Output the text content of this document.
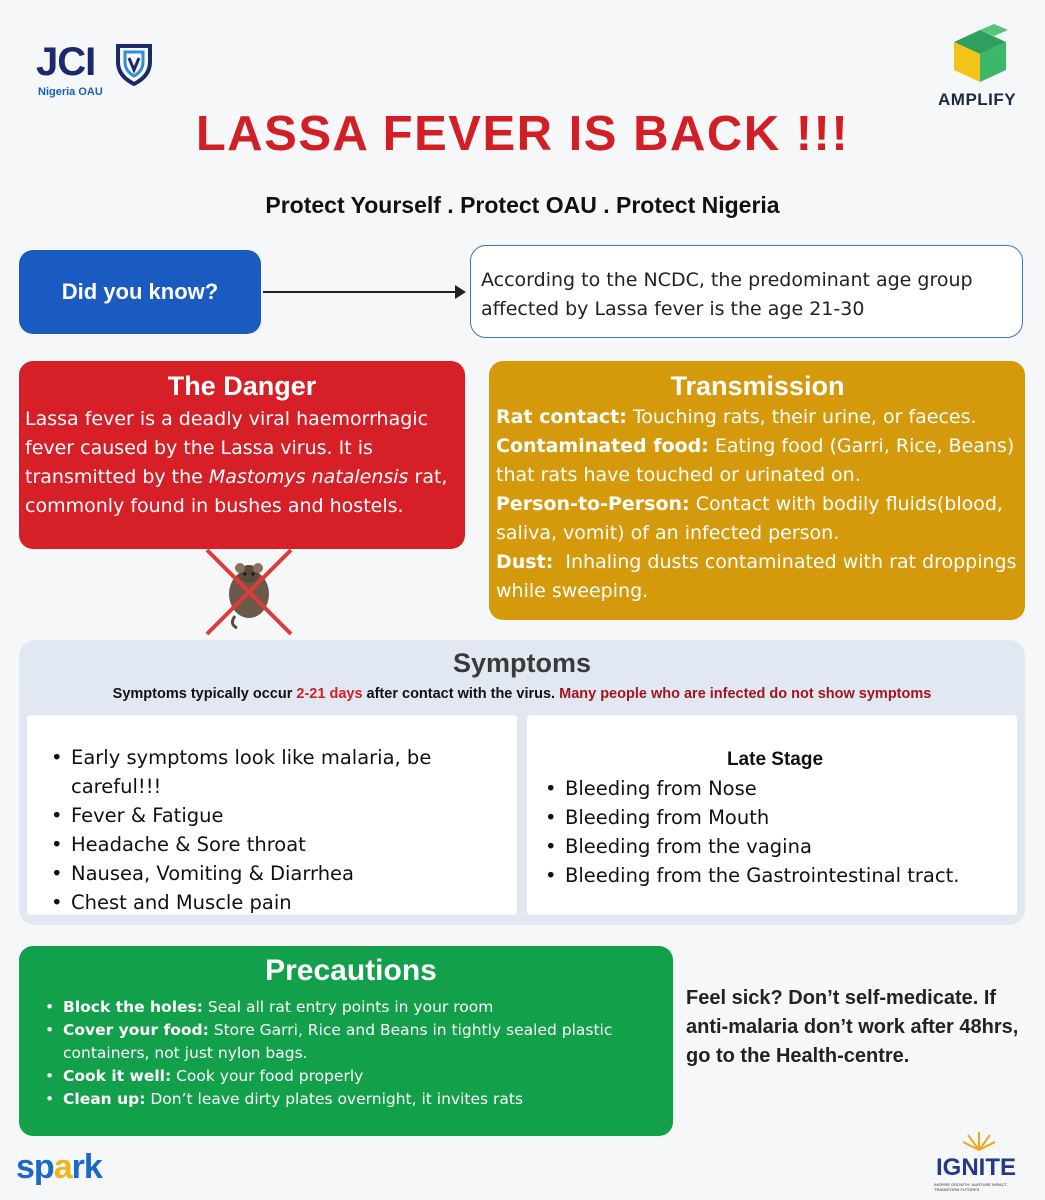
JCI
Nigeria OAU	AMPLIFY
LASSA FEVER IS BACK !!!
Protect Yourself . Protect OAU . Protect Nigeria
Did you know?	According to the NCDC, the predominant age group affected by Lassa fever is the age 21-30
The Danger

Lassa fever is a deadly viral haemorrhagic fever caused by the Lassa virus. It is transmitted by the Mastomys natalensis rat, commonly found in bushes and hostels.

Transmission
Rat contact: Touching rats, their urine, or faeces.
Contaminated food: Eating food (Garri, Rice, Beans) that rats have touched or urinated on.
Person-to-Person: Contact with bodily fluids(blood, saliva, vomit) of an infected person.
Dust:  Inhaling dusts contaminated with rat droppings while sweeping.
Symptoms
Symptoms typically occur 2-21 days after contact with the virus. Many people who are infected do not show symptoms
• Early symptoms look like malaria, be careful!!!
• Fever & Fatigue
• Headache & Sore throat
• Nausea, Vomiting & Diarrhea
• Chest and Muscle pain
Late Stage
• Bleeding from Nose
• Bleeding from Mouth
• Bleeding from the vagina
• Bleeding from the Gastrointestinal tract.
Precautions
• Block the holes: Seal all rat entry points in your room
• Cover your food: Store Garri, Rice and Beans in tightly sealed plastic containers, not just nylon bags.
• Cook it well: Cook your food properly
• Clean up: Don’t leave dirty plates overnight, it invites rats
Feel sick? Don’t self-medicate. If anti-malaria don’t work after 48hrs, go to the Health-centre.
spark	IGNITE
INSPIRE GROWTH, NURTURE IMPACT, TRANSFORM FUTURES
